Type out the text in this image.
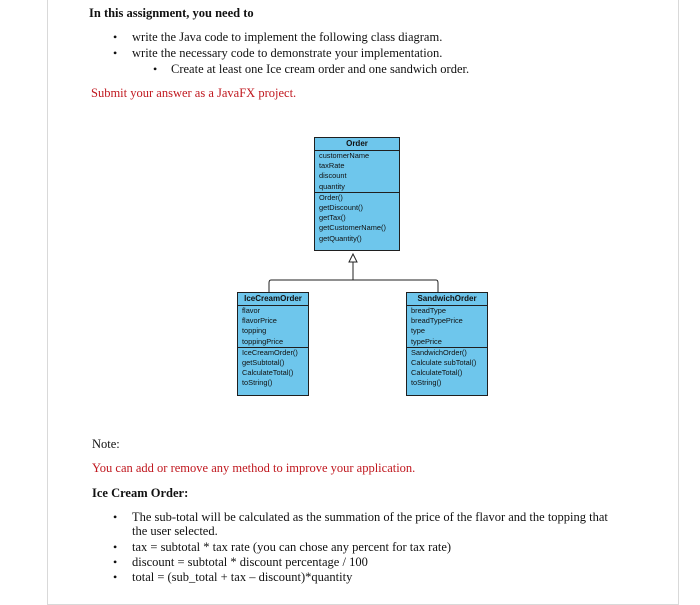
In this assignment, you need to
• write the Java code to implement the following class diagram.
• write the necessary code to demonstrate your implementation.
• Create at least one Ice cream order and one sandwich order.
Submit your answer as a JavaFX project.
Order
customerName
taxRate
discount
quantity
Order()
getDiscount()
getTax()
getCustomerName()
getQuantity()
IceCreamOrder
flavor
flavorPrice
topping
toppingPrice
IceCreamOrder()
getSubtotal()
CalculateTotal()
toString()
SandwichOrder
breadType
breadTypePrice
type
typePrice
SandwichOrder()
Calculate subTotal()
CalculateTotal()
toString()
Note:
You can add or remove any method to improve your application.
Ice Cream Order:
• The sub-total will be calculated as the summation of the price of the flavor and the topping that
the user selected.
• tax = subtotal * tax rate (you can chose any percent for tax rate)
• discount = subtotal * discount percentage / 100
• total = (sub_total + tax – discount)*quantity
